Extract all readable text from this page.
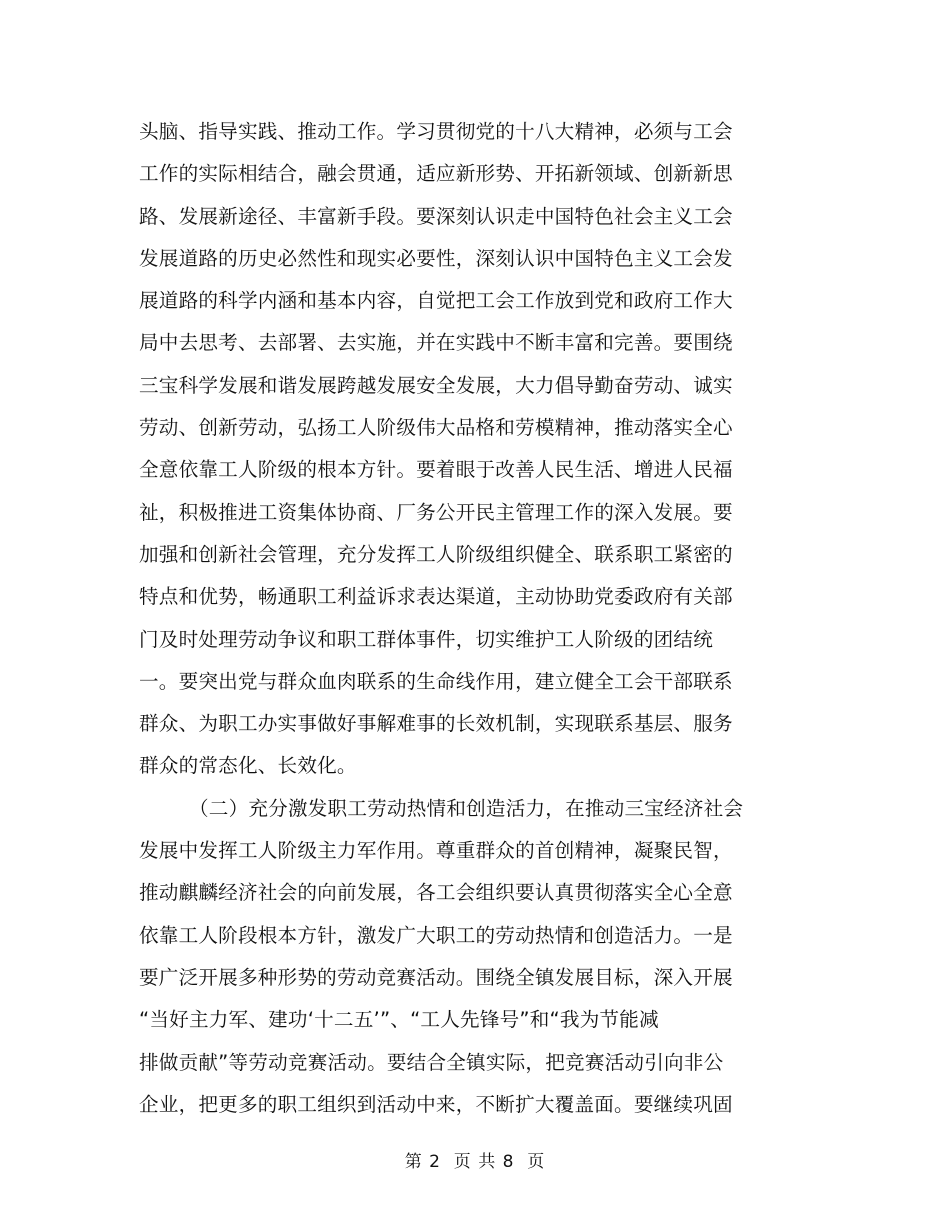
头脑、指导实践、推动工作。学习贯彻党的十八大精神，必须与工会
工作的实际相结合，融会贯通，适应新形势、开拓新领域、创新新思
路、发展新途径、丰富新手段。要深刻认识走中国特色社会主义工会
发展道路的历史必然性和现实必要性，深刻认识中国特色主义工会发
展道路的科学内涵和基本内容，自觉把工会工作放到党和政府工作大
局中去思考、去部署、去实施，并在实践中不断丰富和完善。要围绕
三宝科学发展和谐发展跨越发展安全发展，大力倡导勤奋劳动、诚实
劳动、创新劳动，弘扬工人阶级伟大品格和劳模精神，推动落实全心
全意依靠工人阶级的根本方针。要着眼于改善人民生活、增进人民福
祉，积极推进工资集体协商、厂务公开民主管理工作的深入发展。要
加强和创新社会管理，充分发挥工人阶级组织健全、联系职工紧密的
特点和优势，畅通职工利益诉求表达渠道，主动协助党委政府有关部
门及时处理劳动争议和职工群体事件，切实维护工人阶级的团结统
一。要突出党与群众血肉联系的生命线作用，建立健全工会干部联系
群众、为职工办实事做好事解难事的长效机制，实现联系基层、服务
群众的常态化、长效化。
（二）充分激发职工劳动热情和创造活力，在推动三宝经济社会
发展中发挥工人阶级主力军作用。尊重群众的首创精神，凝聚民智，
推动麒麟经济社会的向前发展，各工会组织要认真贯彻落实全心全意
依靠工人阶段根本方针，激发广大职工的劳动热情和创造活力。一是
要广泛开展多种形势的劳动竞赛活动。围绕全镇发展目标，深入开展
“当好主力军、建功‘十二五’”、“工人先锋号”和“我为节能减
排做贡献”等劳动竞赛活动。要结合全镇实际，把竞赛活动引向非公
企业，把更多的职工组织到活动中来，不断扩大覆盖面。要继续巩固
第 2  页 共 8  页
